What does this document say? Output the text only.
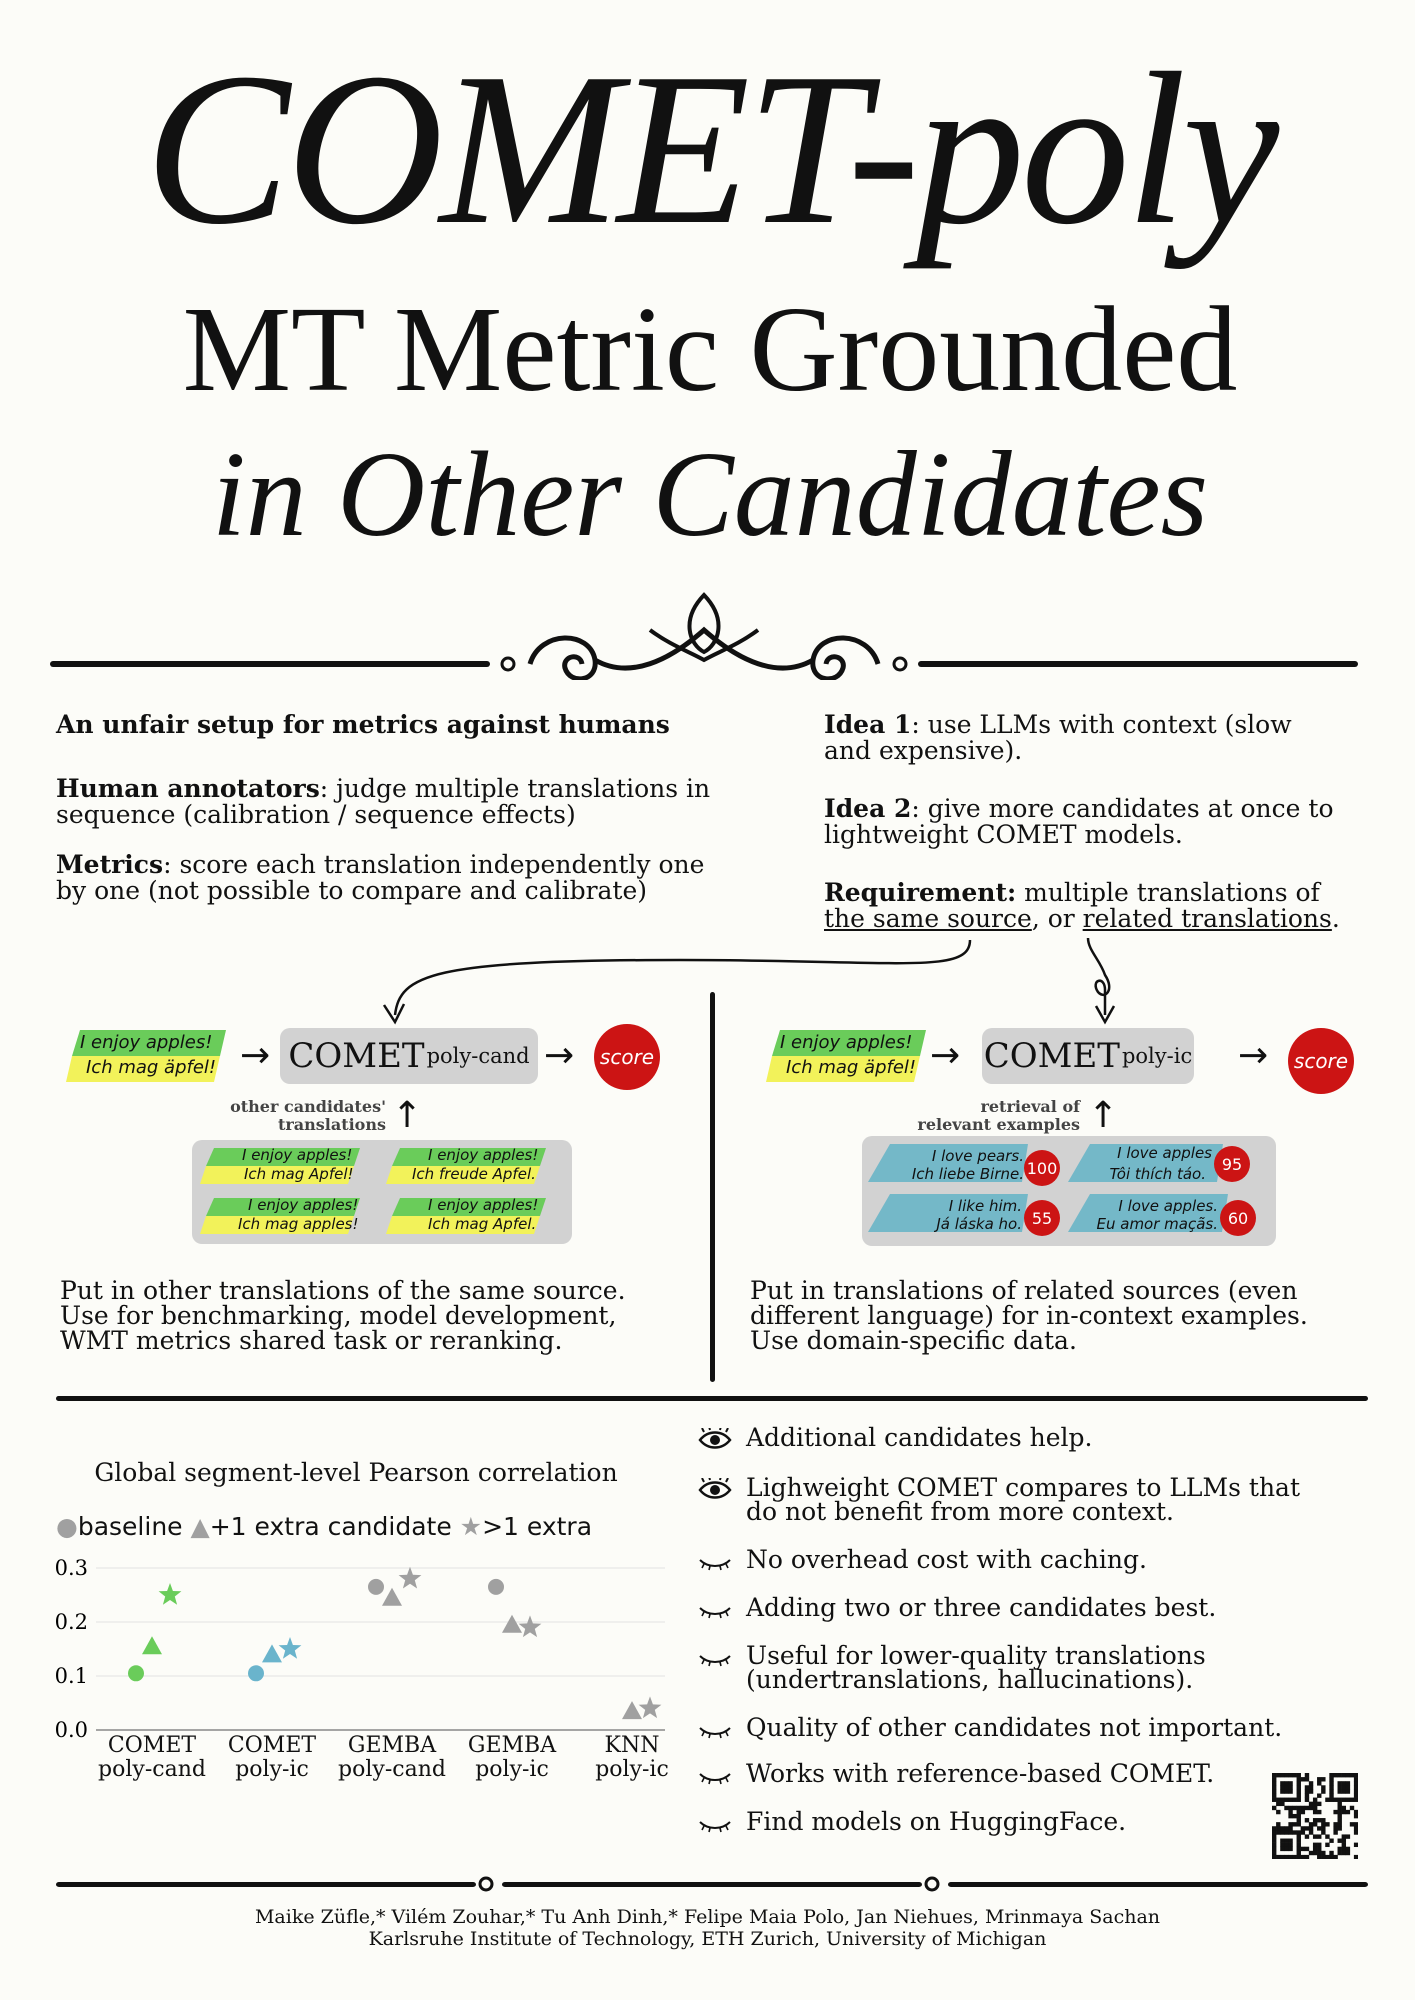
COMET-poly
MT Metric Grounded
in Other Candidates
An unfair setup for metrics against humans
Human annotators: judge multiple translations in sequence (calibration / sequence effects)
Metrics: score each translation independently one by one (not possible to compare and calibrate)
Idea 1: use LLMs with context (slow and expensive).
Idea 2: give more candidates at once to lightweight COMET models.
Requirement: multiple translations of the same source, or related translations.
I enjoy apples!
Ich mag äpfel! → COMET poly-cand → score
other candidates'
translations ↑
I enjoy apples!
Ich mag Apfel!
I enjoy apples!
Ich freude Apfel.
I enjoy apples!
Ich mag apples!
I enjoy apples!
Ich mag Apfel.
Put in other translations of the same source.
Use for benchmarking, model development,
WMT metrics shared task or reranking.
I enjoy apples!
Ich mag äpfel! → COMET poly-ic → score
retrieval of
relevant examples ↑
I love pears.
Ich liebe Birne. 100
I love apples
Tôi thích táo.
95
I like him.
Já láska ho. 55
I love apples.
Eu amor maçãs. 60
Put in translations of related sources (even
different language) for in-context examples.
Use domain-specific data.
Global segment-level Pearson correlation
●baseline ▲+1 extra candidate ★>1 extra
0.0
0.1
0.2
0.3
COMET
poly-cand
COMET
poly-ic
GEMBA
poly-cand
GEMBA
poly-ic
KNN
poly-ic
Additional candidates help.
Lighweight COMET compares to LLMs that
do not benefit from more context.
No overhead cost with caching.
Adding two or three candidates best.
Useful for lower-quality translations
(undertranslations, hallucinations).
Quality of other candidates not important.
Works with reference-based COMET.
Find models on HuggingFace.
Maike Züfle,* Vilém Zouhar,* Tu Anh Dinh,* Felipe Maia Polo, Jan Niehues, Mrinmaya Sachan
Karlsruhe Institute of Technology, ETH Zurich, University of Michigan
